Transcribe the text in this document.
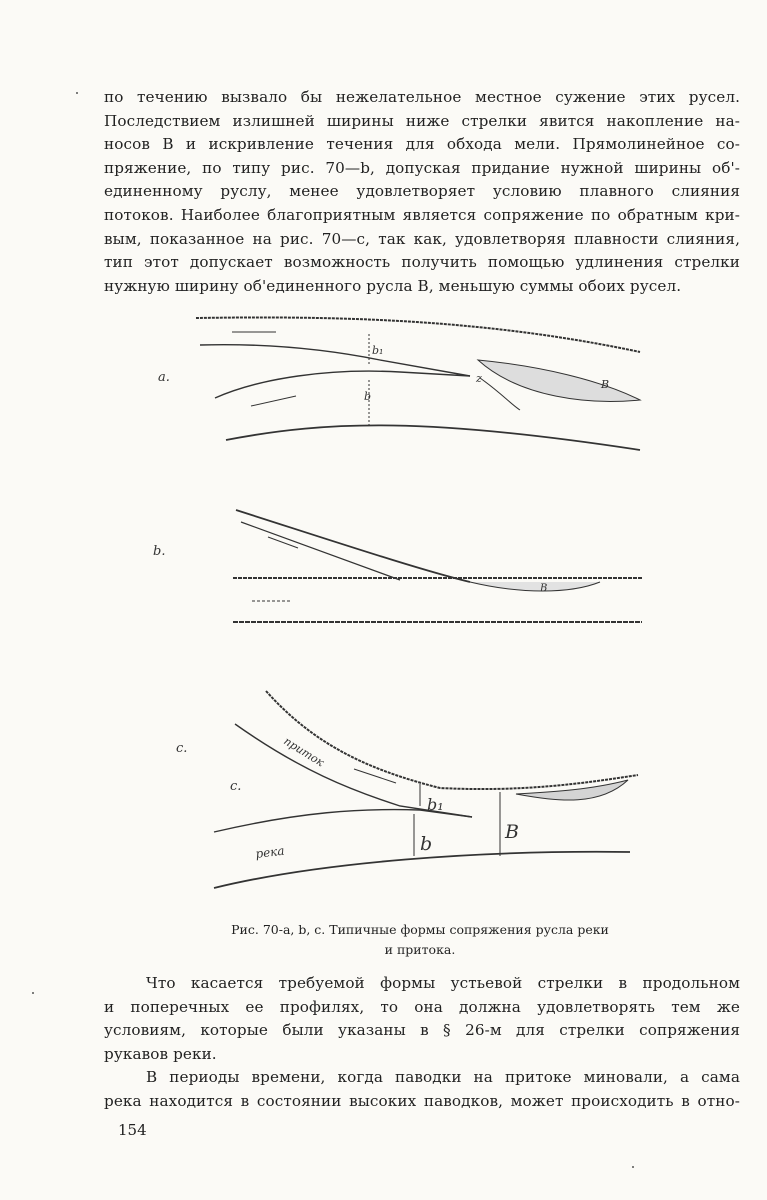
по течению вызвало бы нежелательное местное сужение этих русел.
Последствием излишней ширины ниже стрелки явится накопление на-
носов B и искривление течения для обхода мели. Прямолинейное со-
пряжение, по типу рис. 70—b, допуская придание нужной ширины об'-
единенному руслу, менее удовлетворяет условию плавного слияния
потоков. Наиболее благоприятным является сопряжение по обратным кри-
вым, показанное на рис. 70—c, так как, удовлетворяя плавности слияния,
тип этот допускает возможность получить помощью удлинения стрелки
нужную ширину об'единенного русла B, меньшую суммы обоих русел.
a.
b₁
b
z	B
b.
B
c.
c.
приток
река
b₁
b
B
Рис. 70-a, b, c. Типичные формы сопряжения русла реки
и притока.
Что касается требуемой формы устьевой стрелки в продольном
и поперечных ее профилях, то она должна удовлетворять тем же
условиям, которые были указаны в § 26-м для стрелки сопряжения
рукавов реки.
В периоды времени, когда паводки на притоке миновали, а сама
река находится в состоянии высоких паводков, может происходить в отно-
154
